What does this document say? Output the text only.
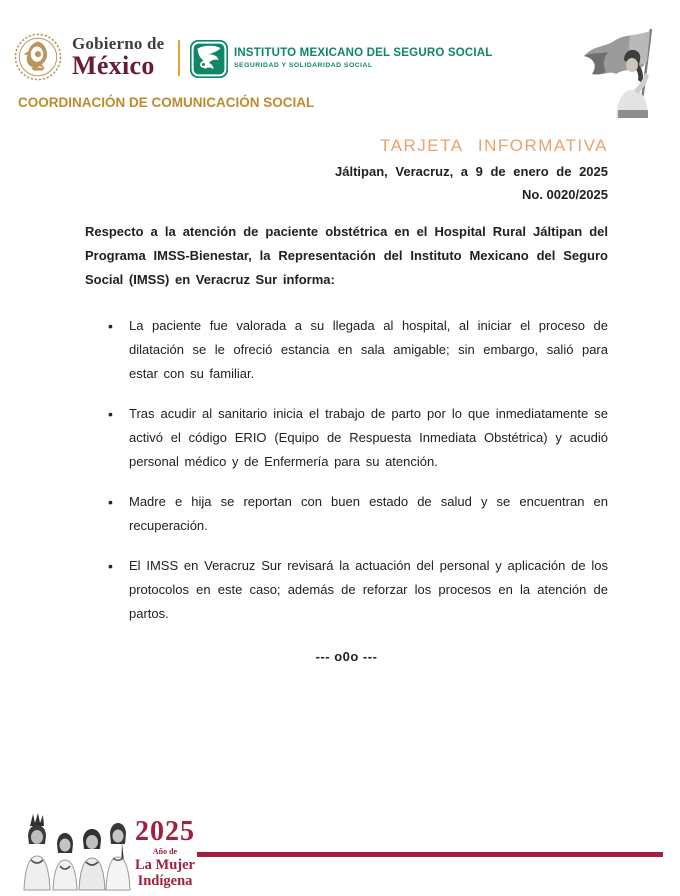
Gobierno de
México	INSTITUTO MEXICANO DEL SEGURO SOCIAL
SEGURIDAD Y SOLIDARIDAD SOCIAL
COORDINACIÓN DE COMUNICACIÓN SOCIAL
TARJETA INFORMATIVA
Jáltipan, Veracruz, a 9 de enero de 2025
No. 0020/2025

Respecto a la atención de paciente obstétrica en el Hospital Rural Jáltipan del Programa IMSS-Bienestar, la Representación del Instituto Mexicano del Seguro Social (IMSS) en Veracruz Sur informa:

• La paciente fue valorada a su llegada al hospital, al iniciar el proceso de dilatación se le ofreció estancia en sala amigable; sin embargo, salió para estar con su familiar.
• Tras acudir al sanitario inicia el trabajo de parto por lo que inmediatamente se activó el código ERIO (Equipo de Respuesta Inmediata Obstétrica) y acudió personal médico y de Enfermería para su atención.
• Madre e hija se reportan con buen estado de salud y se encuentran en recuperación.
• El IMSS en Veracruz Sur revisará la actuación del personal y aplicación de los protocolos en este caso; además de reforzar los procesos en la atención de partos.
--- o0o ---
2025
Año de
La Mujer
Indígena
